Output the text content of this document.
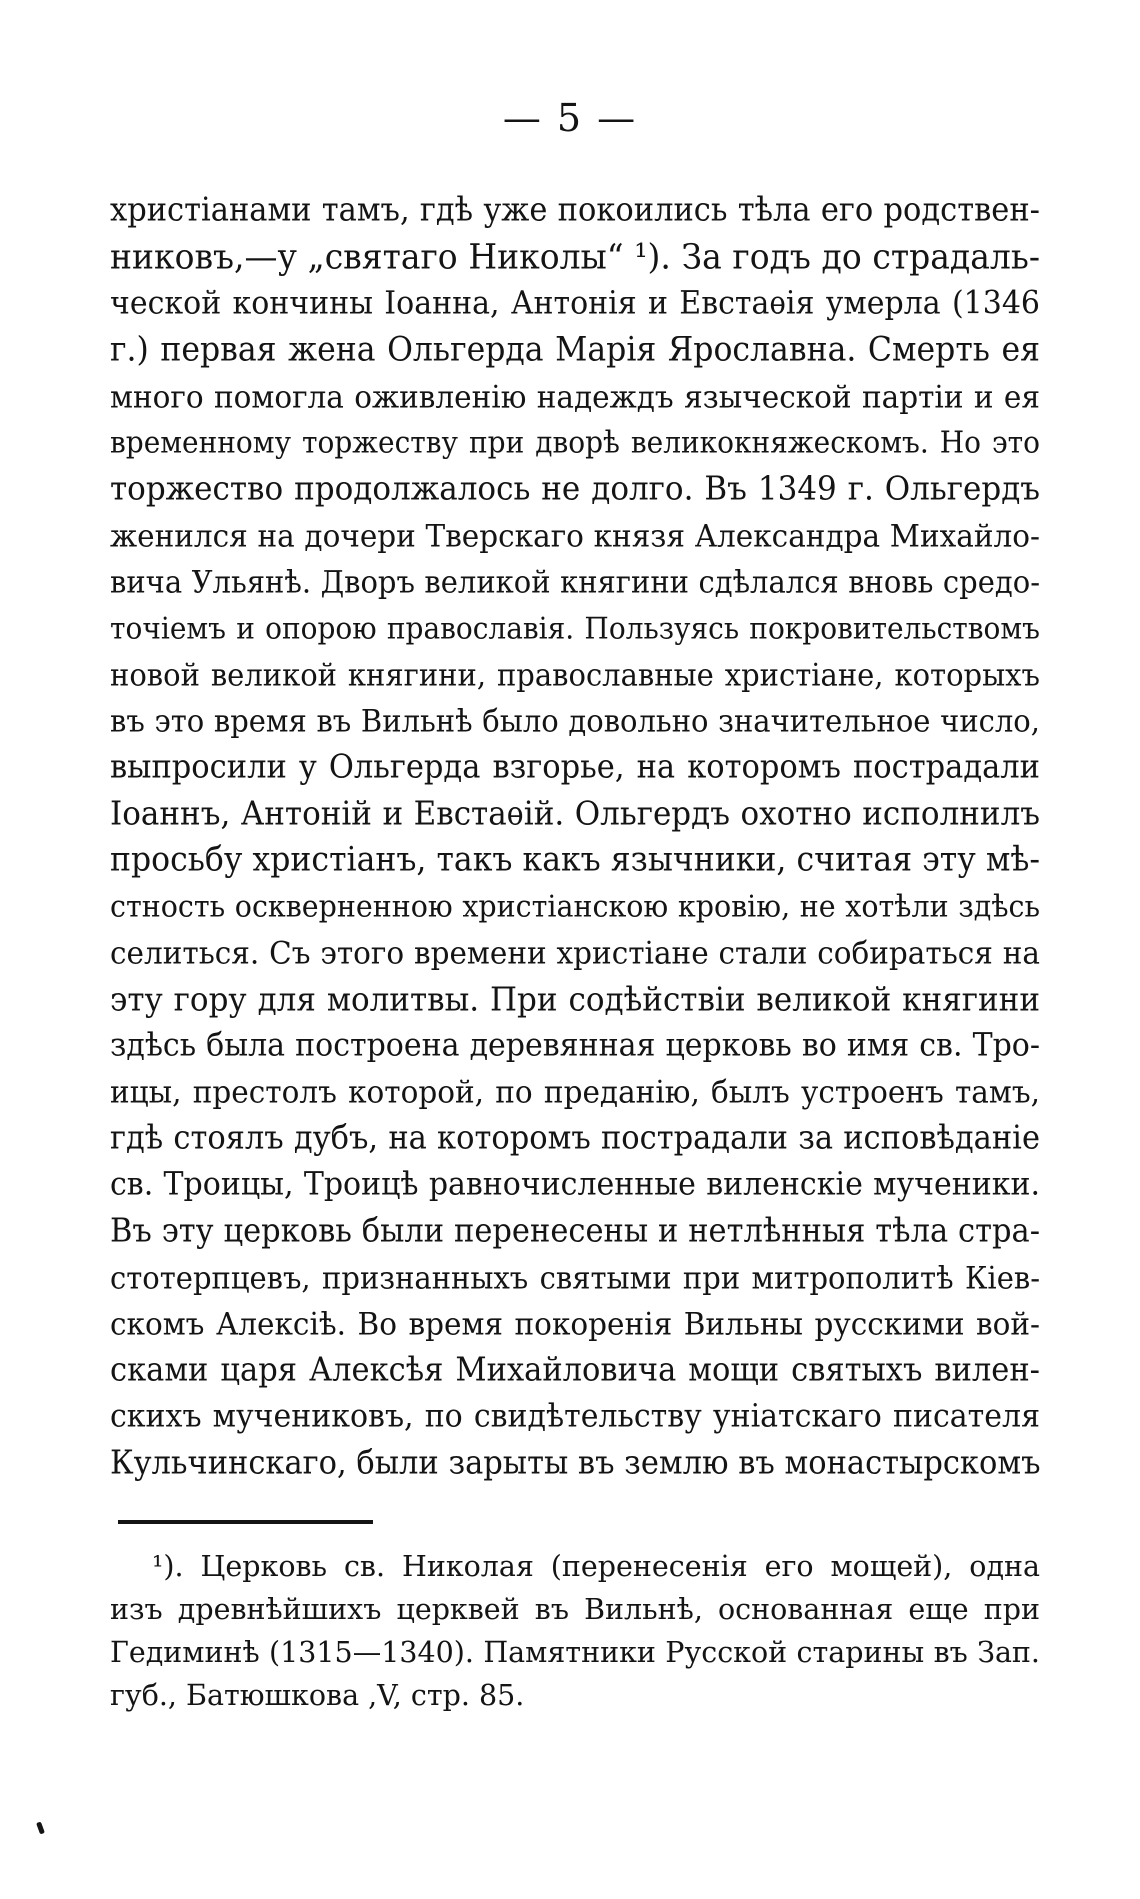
— 5 —
христіанами тамъ, гдѣ уже покоились тѣла его родствен-
никовъ,—у „святаго Николы“ ¹). За годъ до страдаль-
ческой кончины Іоанна, Антонія и Евстаѳія умерла (1346
г.) первая жена Ольгерда Марія Ярославна. Смерть ея
много помогла оживленію надеждъ языческой партіи и ея
временному торжеству при дворѣ великокняжескомъ. Но это
торжество продолжалось не долго. Въ 1349 г. Ольгердъ
женился на дочери Тверскаго князя Александра Михайло-
вича Ульянѣ. Дворъ великой княгини сдѣлался вновь средо-
точіемъ и опорою православія. Пользуясь покровительствомъ
новой великой княгини, православные христіане, которыхъ
въ это время въ Вильнѣ было довольно значительное число,
выпросили у Ольгерда взгорье, на которомъ пострадали
Іоаннъ, Антоній и Евстаѳій. Ольгердъ охотно исполнилъ
просьбу христіанъ, такъ какъ язычники, считая эту мѣ-
стность оскверненною христіанскою кровію, не хотѣли здѣсь
селиться. Съ этого времени христіане стали собираться на
эту гору для молитвы. При содѣйствіи великой княгини
здѣсь была построена деревянная церковь во имя св. Тро-
ицы, престолъ которой, по преданію, былъ устроенъ тамъ,
гдѣ стоялъ дубъ, на которомъ пострадали за исповѣданіе
св. Троицы, Троицѣ равночисленные виленскіе мученики.
Въ эту церковь были перенесены и нетлѣнныя тѣла стра-
стотерпцевъ, признанныхъ святыми при митрополитѣ Кіев-
скомъ Алексіѣ. Во время покоренія Вильны русскими вой-
сками царя Алексѣя Михайловича мощи святыхъ вилен-
скихъ мучениковъ, по свидѣтельству уніатскаго писателя
Кульчинскаго, были зарыты въ землю въ монастырскомъ
¹). Церковь св. Николая (перенесенія его мощей), одна
изъ древнѣйшихъ церквей въ Вильнѣ, основанная еще при
Гедиминѣ (1315—1340). Памятники Русской старины въ Зап.
губ., Батюшкова ,V, стр. 85.
